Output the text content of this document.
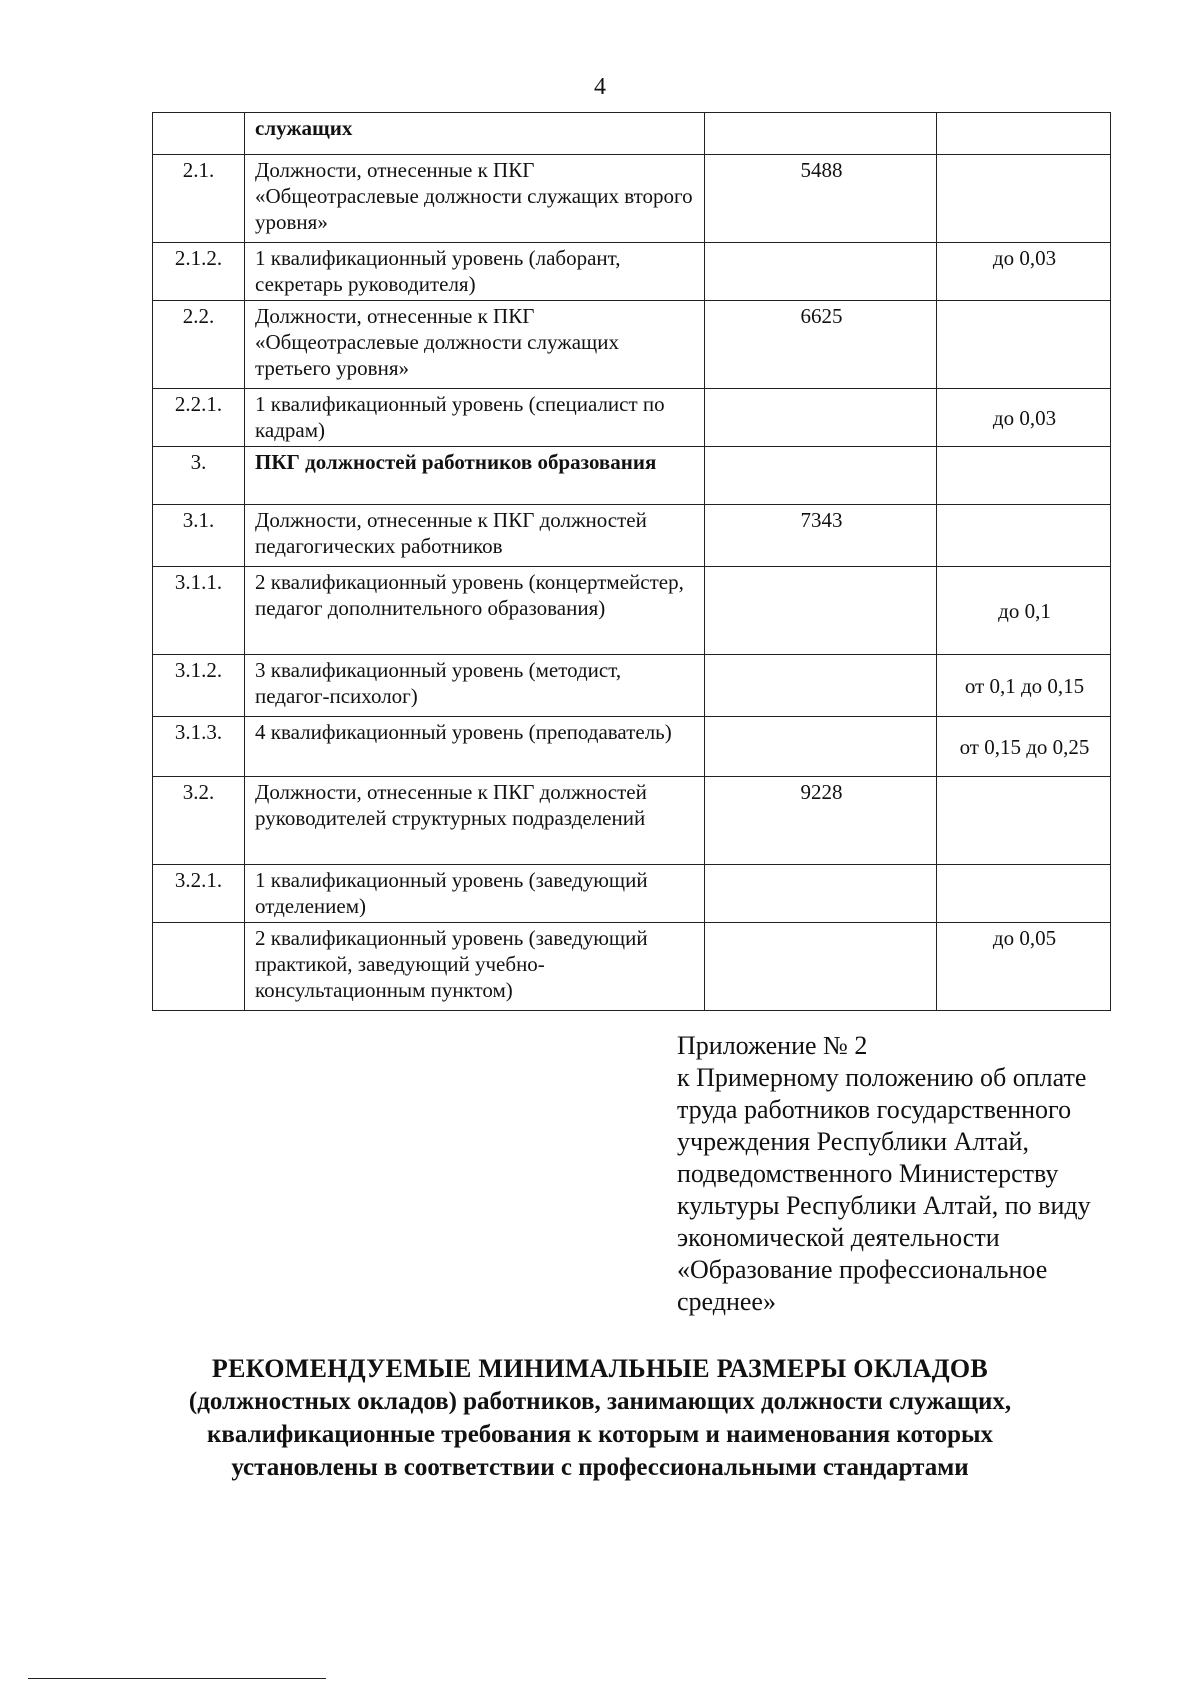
4
	служащих		
2.1.	Должности, отнесенные к ПКГ «Общеотраслевые должности служащих второго уровня»	5488	
2.1.2.	1 квалификационный уровень (лаборант, секретарь руководителя)		до 0,03
2.2.	Должности, отнесенные к ПКГ «Общеотраслевые должности служащих третьего уровня»	6625	
2.2.1.	1 квалификационный уровень (специалист по кадрам)		до 0,03
3.	ПКГ должностей работников образования		
3.1.	Должности, отнесенные к ПКГ должностей педагогических работников	7343	
3.1.1.	2 квалификационный уровень (концертмейстер, педагог дополнительного образования)		до 0,1
3.1.2.	3 квалификационный уровень (методист, педагог-психолог)		от 0,1 до 0,15
3.1.3.	4 квалификационный уровень (преподаватель)		от 0,15 до 0,25
3.2.	Должности, отнесенные к ПКГ должностей руководителей структурных подразделений	9228	
3.2.1.	1 квалификационный уровень (заведующий отделением)		
	2 квалификационный уровень (заведующий практикой, заведующий учебно-консультационным пунктом)		до 0,05
Приложение № 2
к Примерному положению об оплате
труда работников государственного
учреждения Республики Алтай,
подведомственного Министерству
культуры Республики Алтай, по виду
экономической деятельности
«Образование профессиональное
среднее»
РЕКОМЕНДУЕМЫЕ МИНИМАЛЬНЫЕ РАЗМЕРЫ ОКЛАДОВ
(должностных окладов) работников, занимающих должности служащих,
квалификационные требования к которым и наименования которых
установлены в соответствии с профессиональными стандартами
